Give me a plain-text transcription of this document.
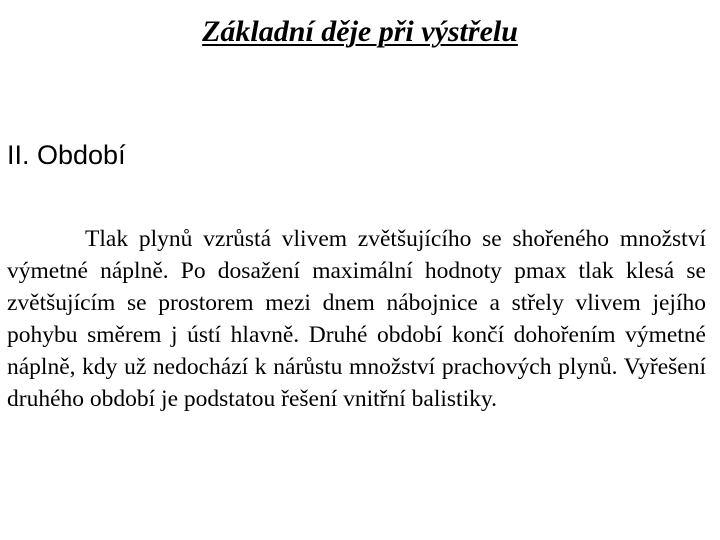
Základní děje při výstřelu
II. Období

Tlak plynů vzrůstá vlivem zvětšujícího se shořeného množství výmetné náplně. Po dosažení maximální hodnoty pmax tlak klesá se zvětšujícím se prostorem mezi dnem nábojnice a střely vlivem jejího pohybu směrem j ústí hlavně. Druhé období končí dohořením výmetné náplně, kdy už nedochází k nárůstu množství prachových plynů. Vyřešení druhého období je podstatou řešení vnitřní balistiky.
